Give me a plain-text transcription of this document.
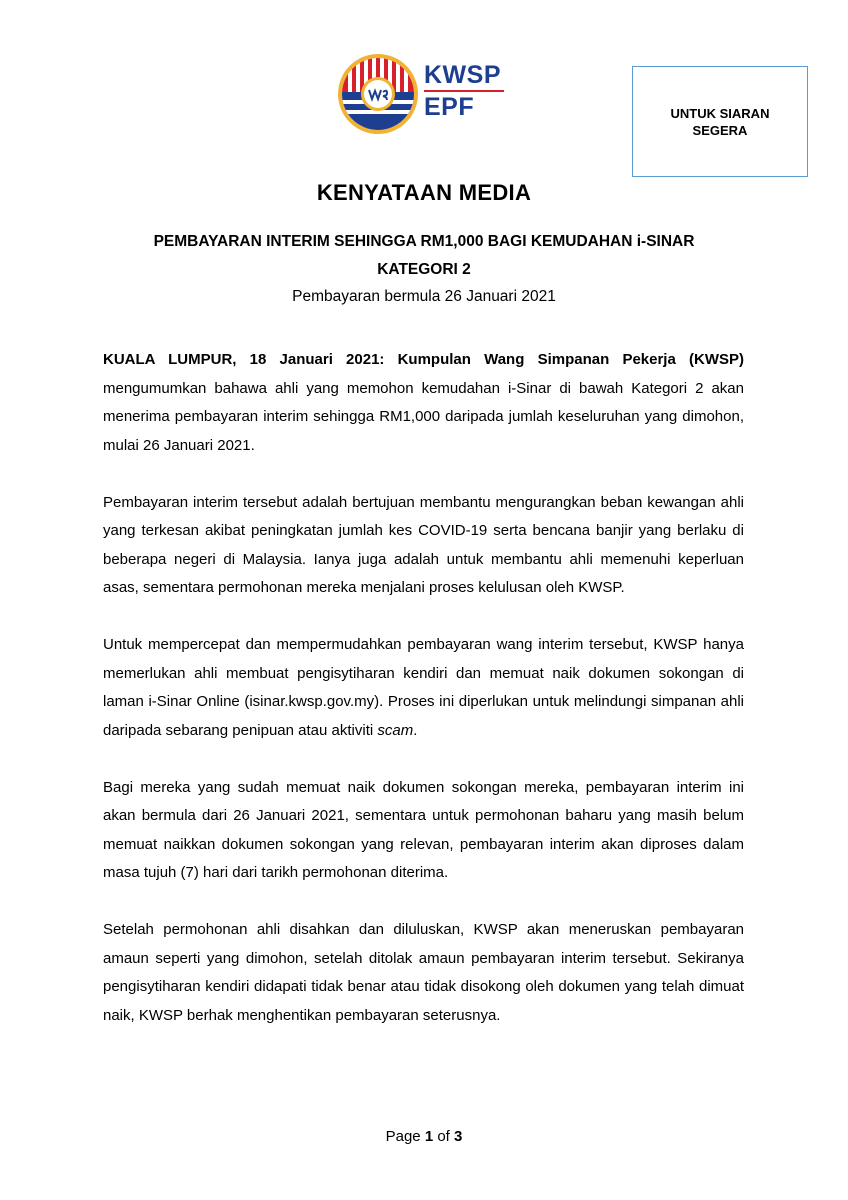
KWSP
EPF	UNTUK SIARAN
SEGERA
KENYATAAN MEDIA
PEMBAYARAN INTERIM SEHINGGA RM1,000 BAGI KEMUDAHAN i-SINAR
KATEGORI 2
Pembayaran bermula 26 Januari 2021

KUALA LUMPUR, 18 Januari 2021: Kumpulan Wang Simpanan Pekerja (KWSP) mengumumkan bahawa ahli yang memohon kemudahan i-Sinar di bawah Kategori 2 akan menerima pembayaran interim sehingga RM1,000 daripada jumlah keseluruhan yang dimohon, mulai 26 Januari 2021.

Pembayaran interim tersebut adalah bertujuan membantu mengurangkan beban kewangan ahli yang terkesan akibat peningkatan jumlah kes COVID-19 serta bencana banjir yang berlaku di beberapa negeri di Malaysia. Ianya juga adalah untuk membantu ahli memenuhi keperluan asas, sementara permohonan mereka menjalani proses kelulusan oleh KWSP.

Untuk mempercepat dan mempermudahkan pembayaran wang interim tersebut, KWSP hanya memerlukan ahli membuat pengisytiharan kendiri dan memuat naik dokumen sokongan di laman i-Sinar Online (isinar.kwsp.gov.my). Proses ini diperlukan untuk melindungi simpanan ahli daripada sebarang penipuan atau aktiviti scam.

Bagi mereka yang sudah memuat naik dokumen sokongan mereka, pembayaran interim ini akan bermula dari 26 Januari 2021, sementara untuk permohonan baharu yang masih belum memuat naikkan dokumen sokongan yang relevan, pembayaran interim akan diproses dalam masa tujuh (7) hari dari tarikh permohonan diterima.

Setelah permohonan ahli disahkan dan diluluskan, KWSP akan meneruskan pembayaran amaun seperti yang dimohon, setelah ditolak amaun pembayaran interim tersebut. Sekiranya pengisytiharan kendiri didapati tidak benar atau tidak disokong oleh dokumen yang telah dimuat naik, KWSP berhak menghentikan pembayaran seterusnya.

Page 1 of 3
